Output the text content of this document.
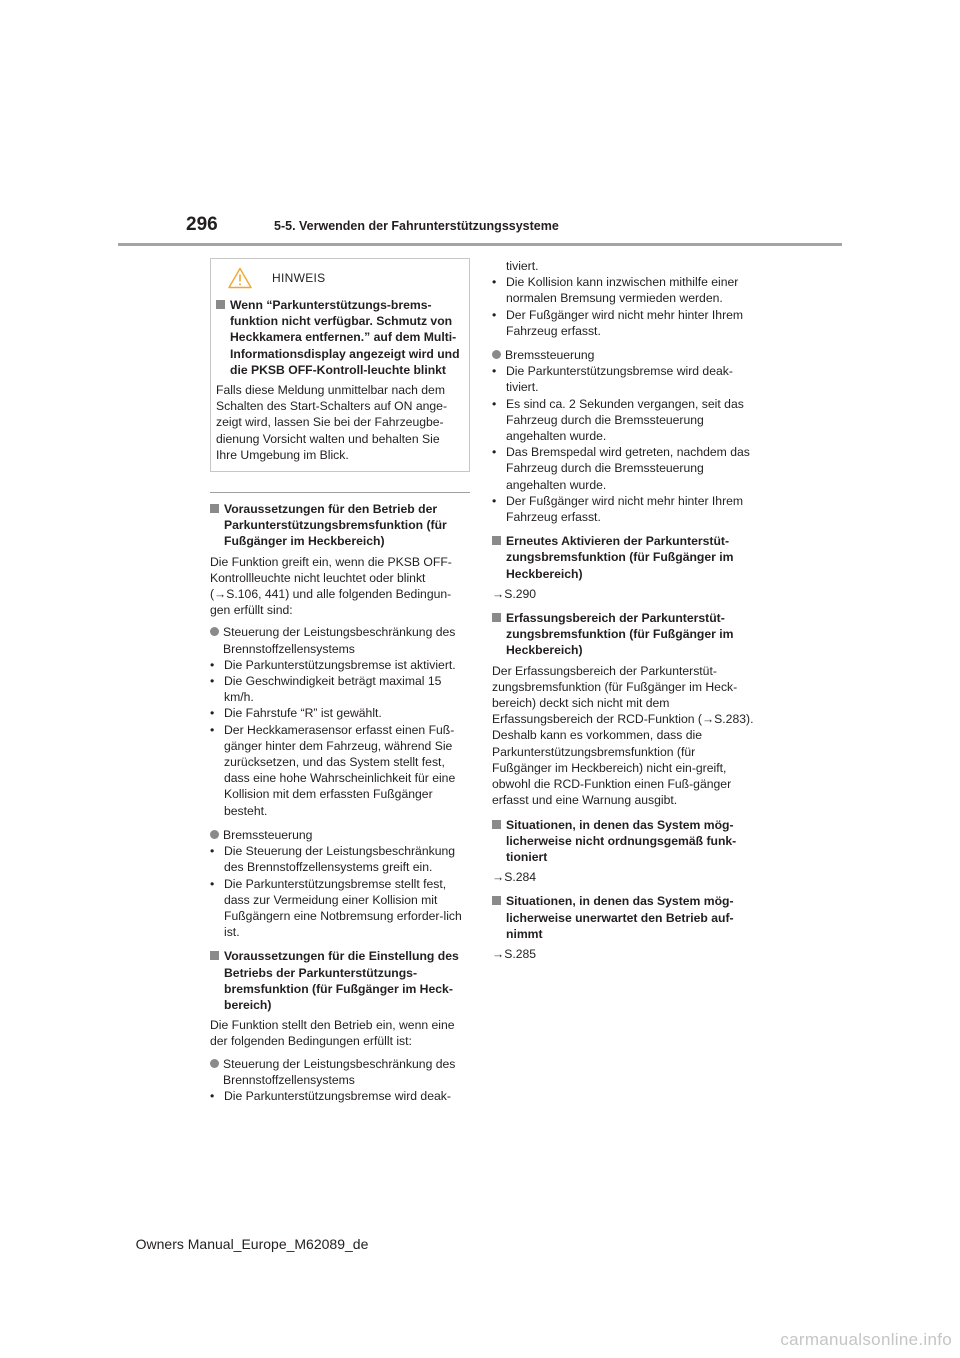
296	5-5. Verwenden der Fahrunterstützungssysteme
HINWEIS
Wenn “Parkunterstützungs-brems-funktion nicht verfügbar. Schmutz von Heckkamera entfernen.” auf dem Multi-Informationsdisplay angezeigt wird und die PKSB OFF-Kontroll-leuchte blinkt
Falls diese Meldung unmittelbar nach dem Schalten des Start-Schalters auf ON ange-zeigt wird, lassen Sie bei der Fahrzeugbe-dienung Vorsicht walten und behalten Sie Ihre Umgebung im Blick.
Voraussetzungen für den Betrieb der Parkunterstützungsbremsfunktion (für Fußgänger im Heckbereich)
Die Funktion greift ein, wenn die PKSB OFF-Kontrollleuchte nicht leuchtet oder blinkt (→S.106, 441) und alle folgenden Bedingun-gen erfüllt sind:
Steuerung der Leistungsbeschränkung des Brennstoffzellensystems
• Die Parkunterstützungsbremse ist aktiviert.
• Die Geschwindigkeit beträgt maximal 15 km/h.
• Die Fahrstufe “R” ist gewählt.
• Der Heckkamerasensor erfasst einen Fuß-gänger hinter dem Fahrzeug, während Sie zurücksetzen, und das System stellt fest, dass eine hohe Wahrscheinlichkeit für eine Kollision mit dem erfassten Fußgänger besteht.
Bremssteuerung
• Die Steuerung der Leistungsbeschränkung des Brennstoffzellensystems greift ein.
• Die Parkunterstützungsbremse stellt fest, dass zur Vermeidung einer Kollision mit Fußgängern eine Notbremsung erforder-lich ist.
Voraussetzungen für die Einstellung des Betriebs der Parkunterstützungs-bremsfunktion (für Fußgänger im Heck-bereich)
Die Funktion stellt den Betrieb ein, wenn eine der folgenden Bedingungen erfüllt ist:
Steuerung der Leistungsbeschränkung des Brennstoffzellensystems
• Die Parkunterstützungsbremse wird deak-
tiviert.
• Die Kollision kann inzwischen mithilfe einer normalen Bremsung vermieden werden.
• Der Fußgänger wird nicht mehr hinter Ihrem Fahrzeug erfasst.
Bremssteuerung
• Die Parkunterstützungsbremse wird deak-tiviert.
• Es sind ca. 2 Sekunden vergangen, seit das Fahrzeug durch die Bremssteuerung angehalten wurde.
• Das Bremspedal wird getreten, nachdem das Fahrzeug durch die Bremssteuerung angehalten wurde.
• Der Fußgänger wird nicht mehr hinter Ihrem Fahrzeug erfasst.
Erneutes Aktivieren der Parkunterstüt-zungsbremsfunktion (für Fußgänger im Heckbereich)
→S.290
Erfassungsbereich der Parkunterstüt-zungsbremsfunktion (für Fußgänger im Heckbereich)
Der Erfassungsbereich der Parkunterstüt-zungsbremsfunktion (für Fußgänger im Heck-bereich) deckt sich nicht mit dem Erfassungsbereich der RCD-Funktion (→S.283). Deshalb kann es vorkommen, dass die Parkunterstützungsbremsfunktion (für Fußgänger im Heckbereich) nicht ein-greift, obwohl die RCD-Funktion einen Fuß-gänger erfasst und eine Warnung ausgibt.
Situationen, in denen das System mög-licherweise nicht ordnungsgemäß funk-tioniert
→S.284
Situationen, in denen das System mög-licherweise unerwartet den Betrieb auf-nimmt
→S.285
Owners Manual_Europe_M62089_de
carmanualsonline.info
